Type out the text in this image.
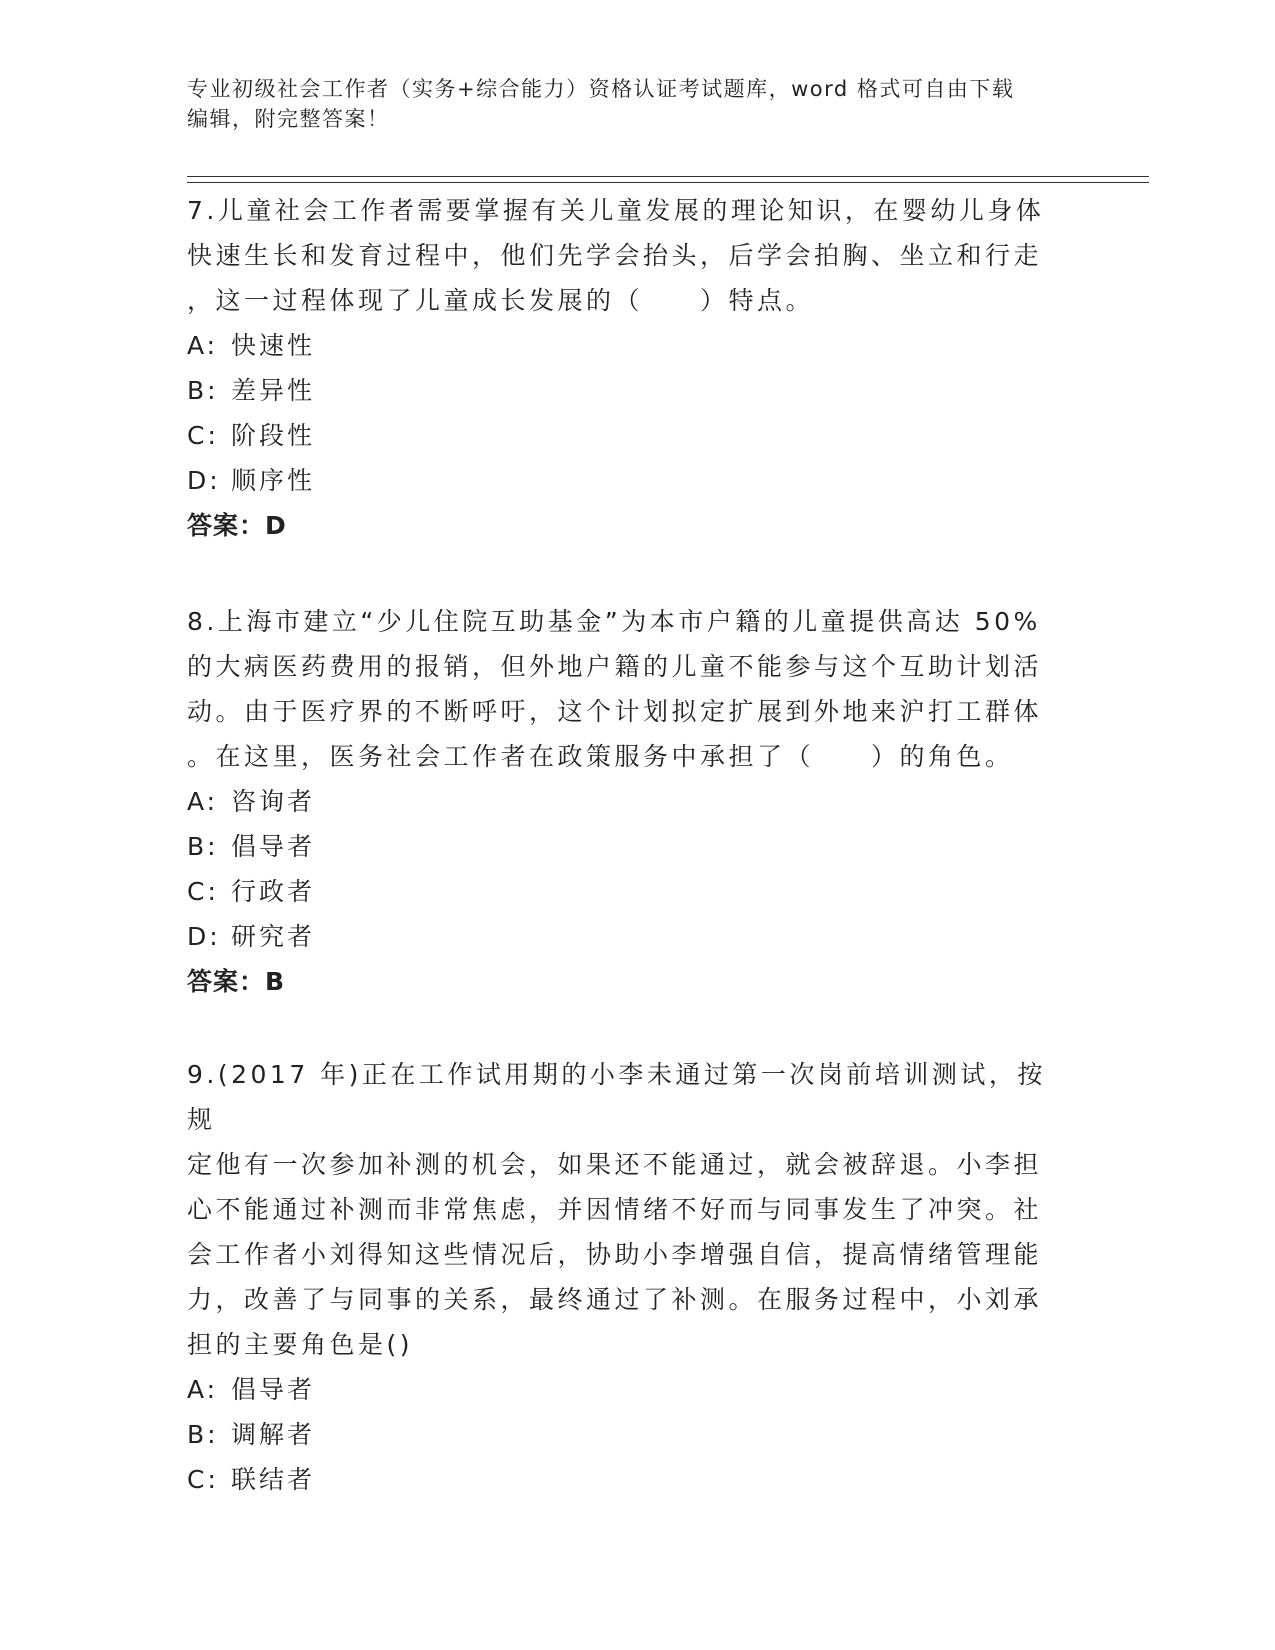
专业初级社会工作者（实务+综合能力）资格认证考试题库，word 格式可自由下载
编辑，附完整答案！
7.儿童社会工作者需要掌握有关儿童发展的理论知识，在婴幼儿身体
快速生长和发育过程中，他们先学会抬头，后学会拍胸、坐立和行走
，这一过程体现了儿童成长发展的（　　）特点。
A: 快速性
B: 差异性
C: 阶段性
D: 顺序性
答案：D
8.上海市建立“少儿住院互助基金”为本市户籍的儿童提供高达 50%
的大病医药费用的报销，但外地户籍的儿童不能参与这个互助计划活
动。由于医疗界的不断呼吁，这个计划拟定扩展到外地来沪打工群体
。在这里，医务社会工作者在政策服务中承担了（　　）的角色。
A: 咨询者
B: 倡导者
C: 行政者
D: 研究者
答案：B
9.(2017 年)正在工作试用期的小李未通过第一次岗前培训测试，按规
定他有一次参加补测的机会，如果还不能通过，就会被辞退。小李担
心不能通过补测而非常焦虑，并因情绪不好而与同事发生了冲突。社
会工作者小刘得知这些情况后，协助小李增强自信，提高情绪管理能
力，改善了与同事的关系，最终通过了补测。在服务过程中，小刘承
担的主要角色是()
A: 倡导者
B: 调解者
C: 联结者
